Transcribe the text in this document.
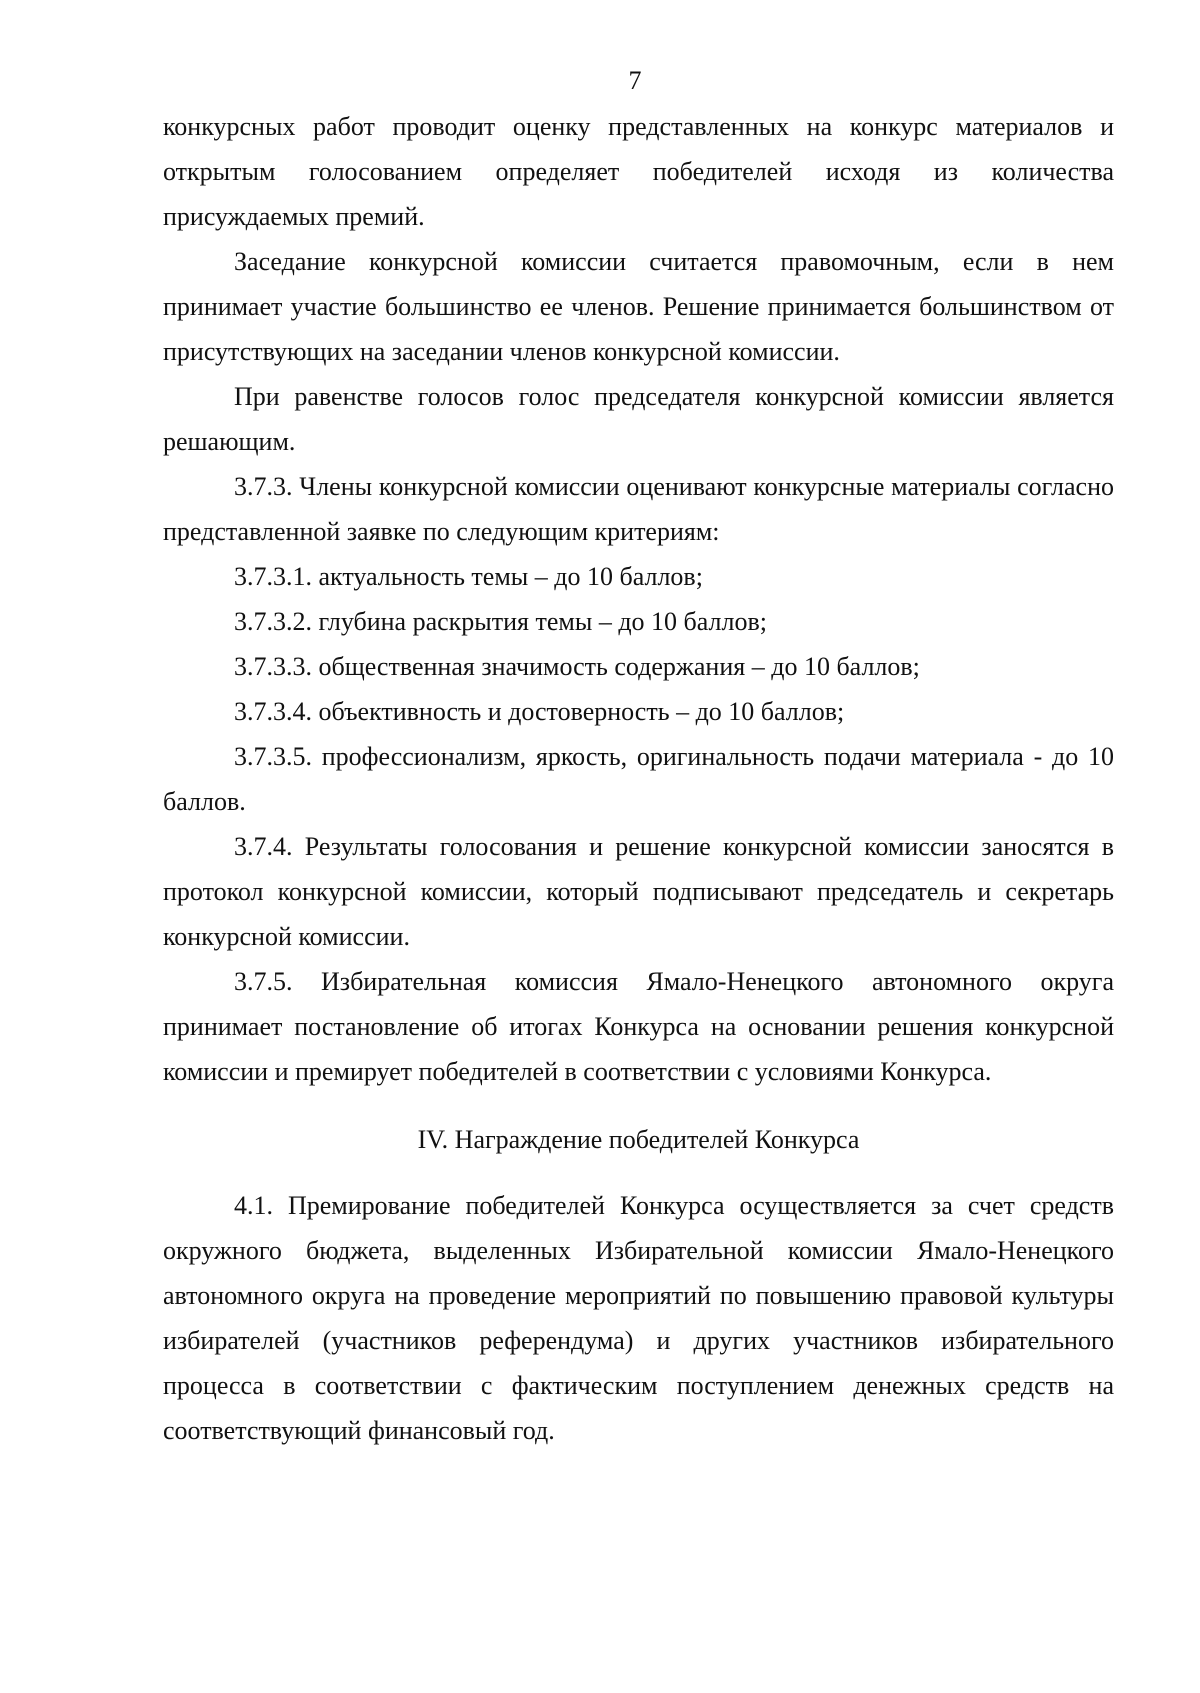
7

конкурсных работ проводит оценку представленных на конкурс материалов и открытым голосованием определяет победителей исходя из количества присуждаемых премий.

Заседание конкурсной комиссии считается правомочным, если в нем принимает участие большинство ее членов. Решение принимается большинством от присутствующих на заседании членов конкурсной комиссии.

При равенстве голосов голос председателя конкурсной комиссии является решающим.

3.7.3. Члены конкурсной комиссии оценивают конкурсные материалы согласно представленной заявке по следующим критериям:

3.7.3.1. актуальность темы – до 10 баллов;

3.7.3.2. глубина раскрытия темы – до 10 баллов;

3.7.3.3. общественная значимость содержания – до 10 баллов;

3.7.3.4. объективность и достоверность – до 10 баллов;

3.7.3.5. профессионализм, яркость, оригинальность подачи материала - до 10 баллов.

3.7.4. Результаты голосования и решение конкурсной комиссии заносятся в протокол конкурсной комиссии, который подписывают председатель и секретарь конкурсной комиссии.

3.7.5. Избирательная комиссия Ямало-Ненецкого автономного округа принимает постановление об итогах Конкурса на основании решения конкурсной комиссии и премирует победителей в соответствии с условиями Конкурса.

IV. Награждение победителей Конкурса

4.1. Премирование победителей Конкурса осуществляется за счет средств окружного бюджета, выделенных Избирательной комиссии Ямало-Ненецкого автономного округа на проведение мероприятий по повышению правовой культуры избирателей (участников референдума) и других участников избирательного процесса в соответствии с фактическим поступлением денежных средств на соответствующий финансовый год.
